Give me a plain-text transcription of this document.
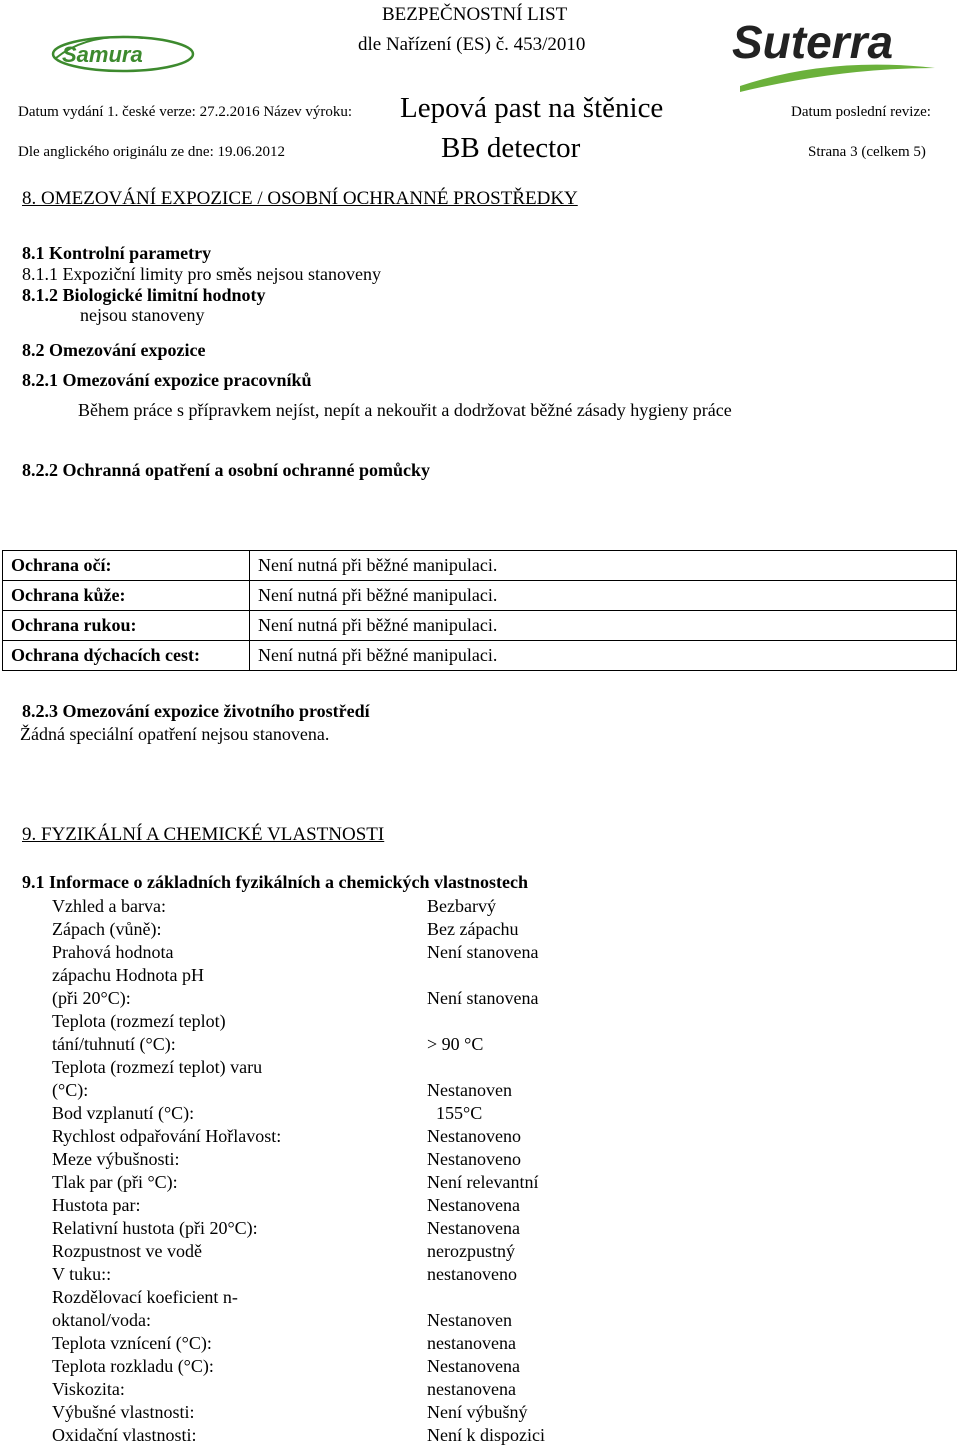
Samura	Suterra
BEZPEČNOSTNÍ LIST
dle Nařízení (ES) č. 453/2010
Datum vydání 1. české verze: 27.2.2016 Název výroku: Lepová past na štěnice	Datum poslední revize:
Dle anglického originálu ze dne: 19.06.2012	BB detector	Strana 3 (celkem 5)
8. OMEZOVÁNÍ EXPOZICE / OSOBNÍ OCHRANNÉ PROSTŘEDKY
8.1 Kontrolní parametry
8.1.1 Expoziční limity pro směs nejsou stanoveny
8.1.2 Biologické limitní hodnoty
nejsou stanoveny
8.2 Omezování expozice
8.2.1 Omezování expozice pracovníků
Během práce s přípravkem nejíst, nepít a nekouřit a dodržovat běžné zásady hygieny práce
8.2.2 Ochranná opatření a osobní ochranné pomůcky
Ochrana očí:	Není nutná při běžné manipulaci.
Ochrana kůže:	Není nutná při běžné manipulaci.
Ochrana rukou:	Není nutná při běžné manipulaci.
Ochrana dýchacích cest:	Není nutná při běžné manipulaci.
8.2.3 Omezování expozice životního prostředí
Žádná speciální opatření nejsou stanovena.
9. FYZIKÁLNÍ A CHEMICKÉ VLASTNOSTI
9.1 Informace o základních fyzikálních a chemických vlastnostech
Vzhled a barva:	Bezbarvý
Zápach (vůně):	Bez zápachu
Prahová hodnota	Není stanovena
zápachu Hodnota pH
(při 20°C):	Není stanovena
Teplota (rozmezí teplot)
tání/tuhnutí (°C):	> 90 °C
Teplota (rozmezí teplot) varu
(°C):	Nestanoven
Bod vzplanutí (°C):	155°C
Rychlost odpařování Hořlavost:	Nestanoveno
Meze výbušnosti:	Nestanoveno
Tlak par (při °C):	Není relevantní
Hustota par:	Nestanovena
Relativní hustota (při 20°C):	Nestanovena
Rozpustnost ve vodě	nerozpustný
V tuku::	nestanoveno
Rozdělovací koeficient n-
oktanol/voda:	Nestanoven
Teplota vznícení (°C):	nestanovena
Teplota rozkladu (°C):	Nestanovena
Viskozita:	nestanovena
Výbušné vlastnosti:	Není výbušný
Oxidační vlastnosti:	Není k dispozici
